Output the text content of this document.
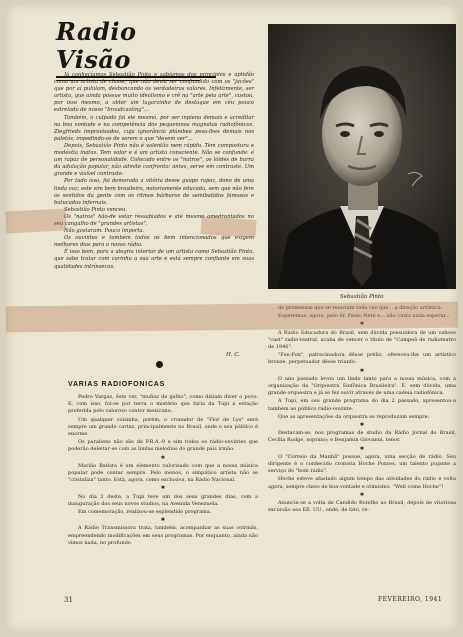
Radio Visão

Já conhecíamos Sebastião Pinto e sabíamos dos principios e aptidão como um artista de classe, que não devia ser confundido com os "jacões" que por aí pululam, desbancando os verdadeiros valores. Infelizmente, ser artista, que ainda possue muito idealismo e crê na "arte pela arte", custou, por isso mesmo, a obter um lugarzinho de destaque em céu pouco estrelado de nosso "broadcasting"...

Também, o culpado foi ele mesmo, por ser inpieno demais e acreditar na boa vontade e na competência dos pequeninos magnatas radiofônicos. Ziegfrieds improvisados, cuja ignorância plúmbea pesa-lhes demais nos paletós, impedindo-os de verem o que "devem ver"...

Depois, Sebastião Pinto não é valentão nem rápido. Tem compostura e modéstia inatas. Tem valor e é um artista consciente. Não se confunde: é um rapaz de personalidade. Colocado entre os "natros", os lóides de barra da adulação popular, não admite confronto: antes, serve em contraste. Um grande e visível contraste.

Por tudo isso, foi demorada a vitória desse guapo rapaz, dono de uma linda voz; este sim bem brasileiro, notoriamente educada, sem que não fere os sentidos da gente com os ritmos bárbaros de semibatidos famosos e batucadas infernais.

Sebastião Pinto venceu.

Os "natros" hão-de estar ressabiados e até mesmo amedrontados no seu cangalho de "grandes artistas".

Não gostaram. Pouco importa.

Os ouvintes e também todos os bem intencionados que exigem melhores dias para o nosso rádio.

É isso bom, para a alegria interior de um artista como Sebastião Pinto, que sabe tratar com carinho a sua arte e está sempre confiante em suas qualidades intrínsecas.

H. C.
VARIAS RADIOFONICAS

Pedro Vargas, êste ver, "muñoz de galho", como diziam diver o povo. E, com isso, foi-se por terra o mistério que faria da Tupi a estação preferida pelo valoroso cantor mexicano.

Um qualquer coisinha, porém, o cronador de "Flor de Lys" será sempre um grande cartaz, principalmente no Brasil, onde o seu público é enorme.

Os parabens não são da P.R.A.-9 e sim todos os rádio-ouvintes que poderão deleitar-se com as lindas melodias do grande país irmão.

✱

Marilio Batista é um elemento valorizado com que a nossa música popular pode contar sempre. Pelo menos, o simpático artista não se "cristaliza" tanto. Está, agora, como exclusiva, na Rádio Nacional.

✱

No dia 2 deste, a Tupi teve um dos seus grandes dias, com a inauguração dos seus novos studios, na Avenida Venezuela.

Em comemoração, realizou-se esplendido programa.

✱

A Rádio Transmissora trata, também, acompanhar as suas coirmãs, empreendendo modificações em seus programas. Por enquanto, ainda não vimos nada, no profundo

Sebastião Pinto

de promessas que se renovam toda vez que... a direção artística.

Esperemos, agora, pelo Sr. Paulo Neto e... não custa nada esperar...

✱

A Rádio Educadora do Brasil, sem dúvida possuidora de um valioso "cast" radio-teatral, acaba de vencer o título de "Campeã de radioteatro de 1940".

"Fon-Fon", patrocinadora dêsse prélio, ofereceu-lhe um artístico bronze, perpetuador dêsse triunfo.

✱

O ano passado levou um lindo tanto para a nossa música, com a organização da "Orquestra Sinfônica Brasileira". E, sem dúvida, uma grande orquestra e já se fez ouvir através de uma cadeia radiofônica.

A Tupi, em seu grande programa do dia 2 passado, apresentou-a também ao público rádio-ouvinte.

Que as apresentações da orquestra se reproduzam sempre.

✱

Destacam-se, nos programas de studio da Rádio Jornal do Brasil, Cecília Rudge, soprano; e Benjamin Giovanni, tenor.

✱

O "Correio da Manhã" possue, agora, uma secção de rádio. Seu dirigente é o conhecido cronista Hoche Pontes, um talento pujante a serviço do "bom rádio".

Hoche esteve afastado algum tempo das atividades do rádio e volta agora, sempre cheio de boa-vontade e otimismo. "Well come Hoche"!

✱

Anuncia-se a volta de Candido Botelho ao Brasil, depois de vitoriosa excursão aos EE. UU., onde, de fato, re-

31	FEVEREIRO, 1941
